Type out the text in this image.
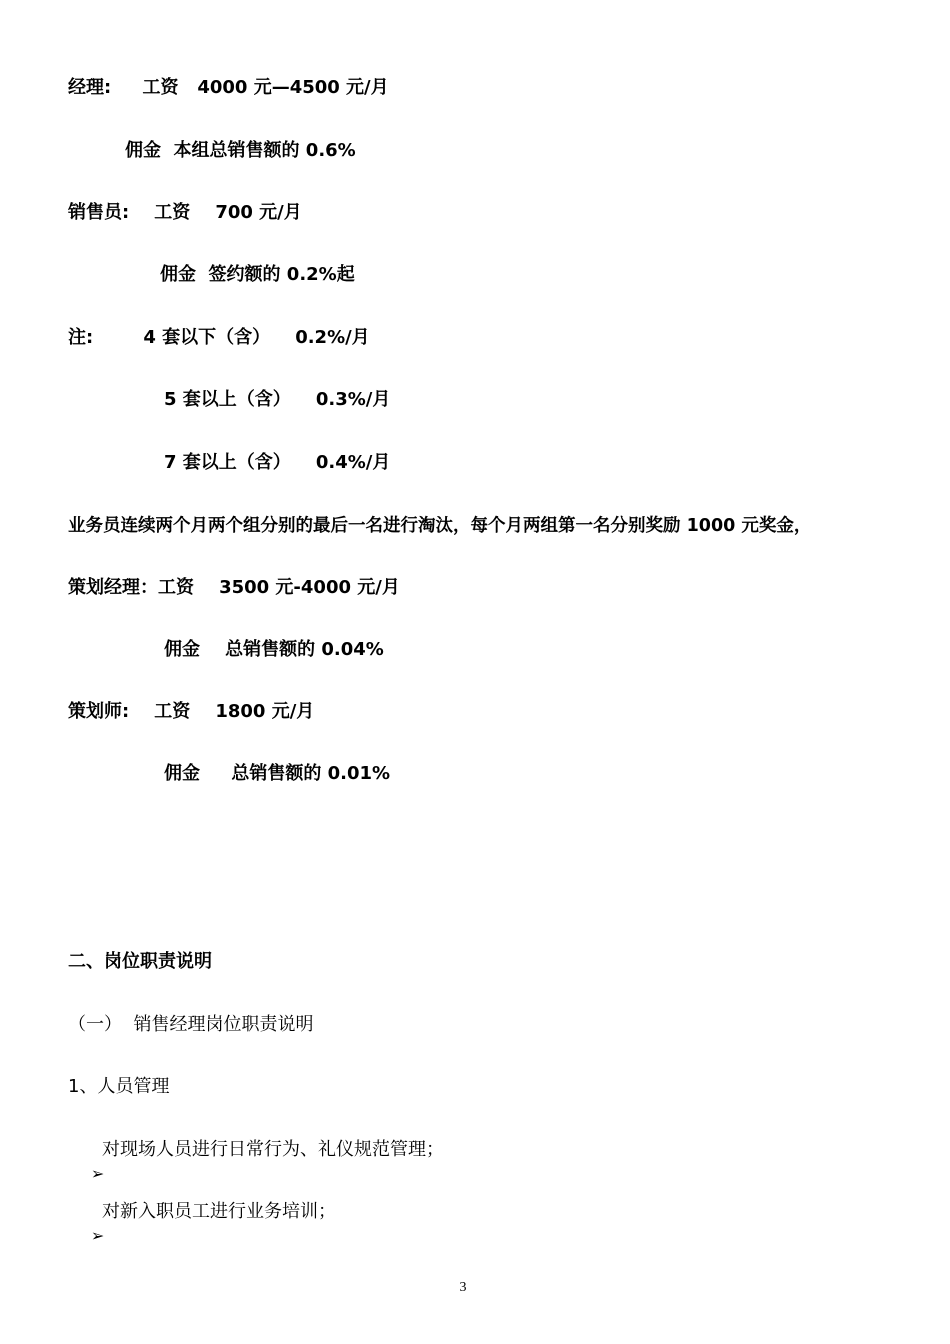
经理:     工资   4000 元—4500 元/月
佣金  本组总销售额的 0.6%
销售员:    工资    700 元/月
佣金  签约额的 0.2%起
注:        4 套以下（含）    0.2%/月
5 套以上（含）    0.3%/月
7 套以上（含）    0.4%/月
业务员连续两个月两个组分别的最后一名进行淘汰，每个月两组第一名分别奖励 1000 元奖金，
策划经理：工资    3500 元-4000 元/月
佣金    总销售额的 0.04%
策划师:    工资    1800 元/月
佣金     总销售额的 0.01%
二、岗位职责说明
（一）  销售经理岗位职责说明
1、人员管理

➢

对现场人员进行日常行为、礼仪规范管理；

➢

对新入职员工进行业务培训；

3
